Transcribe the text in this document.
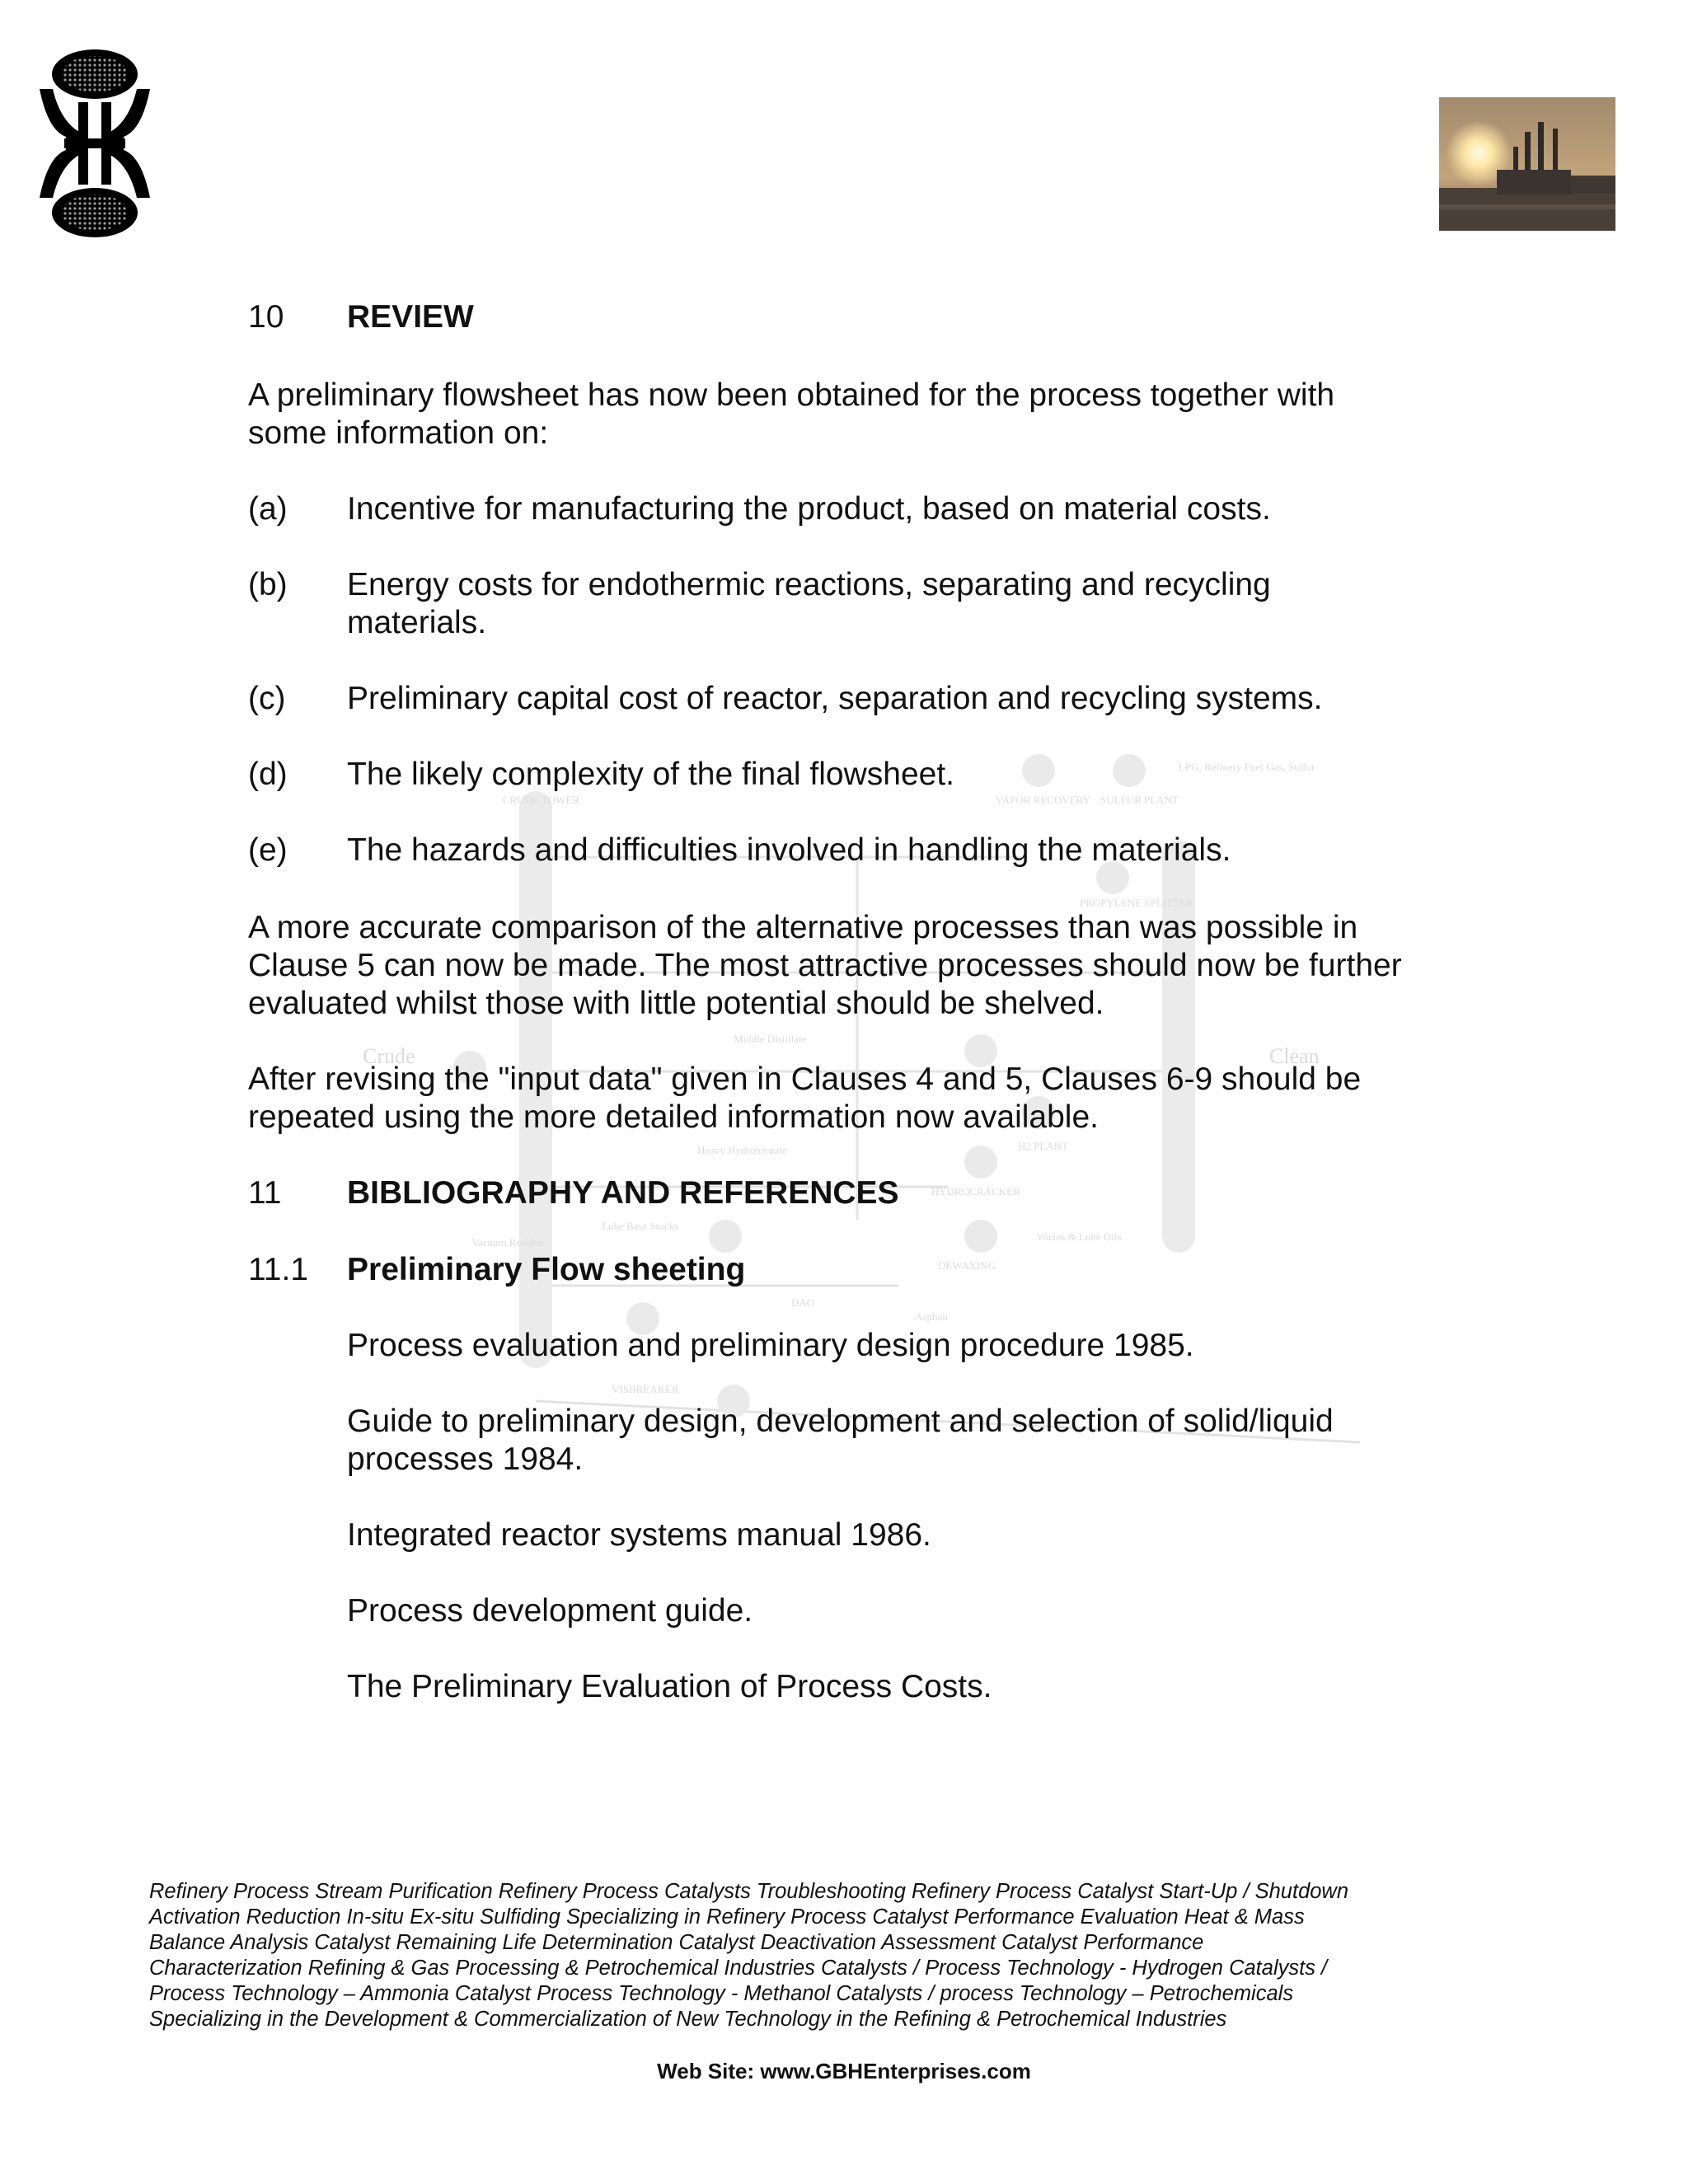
CRUDE TOWER	VAPOR RECOVERY SULFUR PLANT
LPG, Refinery Fuel Gas, Sulfur
PROPYLENE SPLITTER
Crude	Clean
Middle Distillate
Heavy Hydrotreatate	H2 PLANT
HYDROCRACKER
Lube Base Stocks
Vacuum Residue
DEWAXING
Waxes & Lube Oils
DAO
Asphalt
VISBREAKER
10 REVIEW
A preliminary flowsheet has now been obtained for the process together with
some information on:
(a) Incentive for manufacturing the product, based on material costs.
(b) Energy costs for endothermic reactions, separating and recycling
materials.
(c) Preliminary capital cost of reactor, separation and recycling systems.
(d) The likely complexity of the final flowsheet.
(e) The hazards and difficulties involved in handling the materials.
A more accurate comparison of the alternative processes than was possible in
Clause 5 can now be made. The most attractive processes should now be further
evaluated whilst those with little potential should be shelved.
After revising the "input data" given in Clauses 4 and 5, Clauses 6-9 should be
repeated using the more detailed information now available.
11 BIBLIOGRAPHY AND REFERENCES
11.1 Preliminary Flow sheeting
Process evaluation and preliminary design procedure 1985.
Guide to preliminary design, development and selection of solid/liquid
processes 1984.
Integrated reactor systems manual 1986.
Process development guide.
The Preliminary Evaluation of Process Costs.
Refinery Process Stream Purification Refinery Process Catalysts Troubleshooting Refinery Process Catalyst Start-Up / Shutdown
Activation Reduction In-situ Ex-situ Sulfiding Specializing in Refinery Process Catalyst Performance Evaluation Heat & Mass
Balance Analysis Catalyst Remaining Life Determination Catalyst Deactivation Assessment Catalyst Performance
Characterization Refining & Gas Processing & Petrochemical Industries Catalysts / Process Technology - Hydrogen Catalysts /
Process Technology – Ammonia Catalyst Process Technology - Methanol Catalysts / process Technology – Petrochemicals
Specializing in the Development & Commercialization of New Technology in the Refining & Petrochemical Industries
Web Site: www.GBHEnterprises.com
